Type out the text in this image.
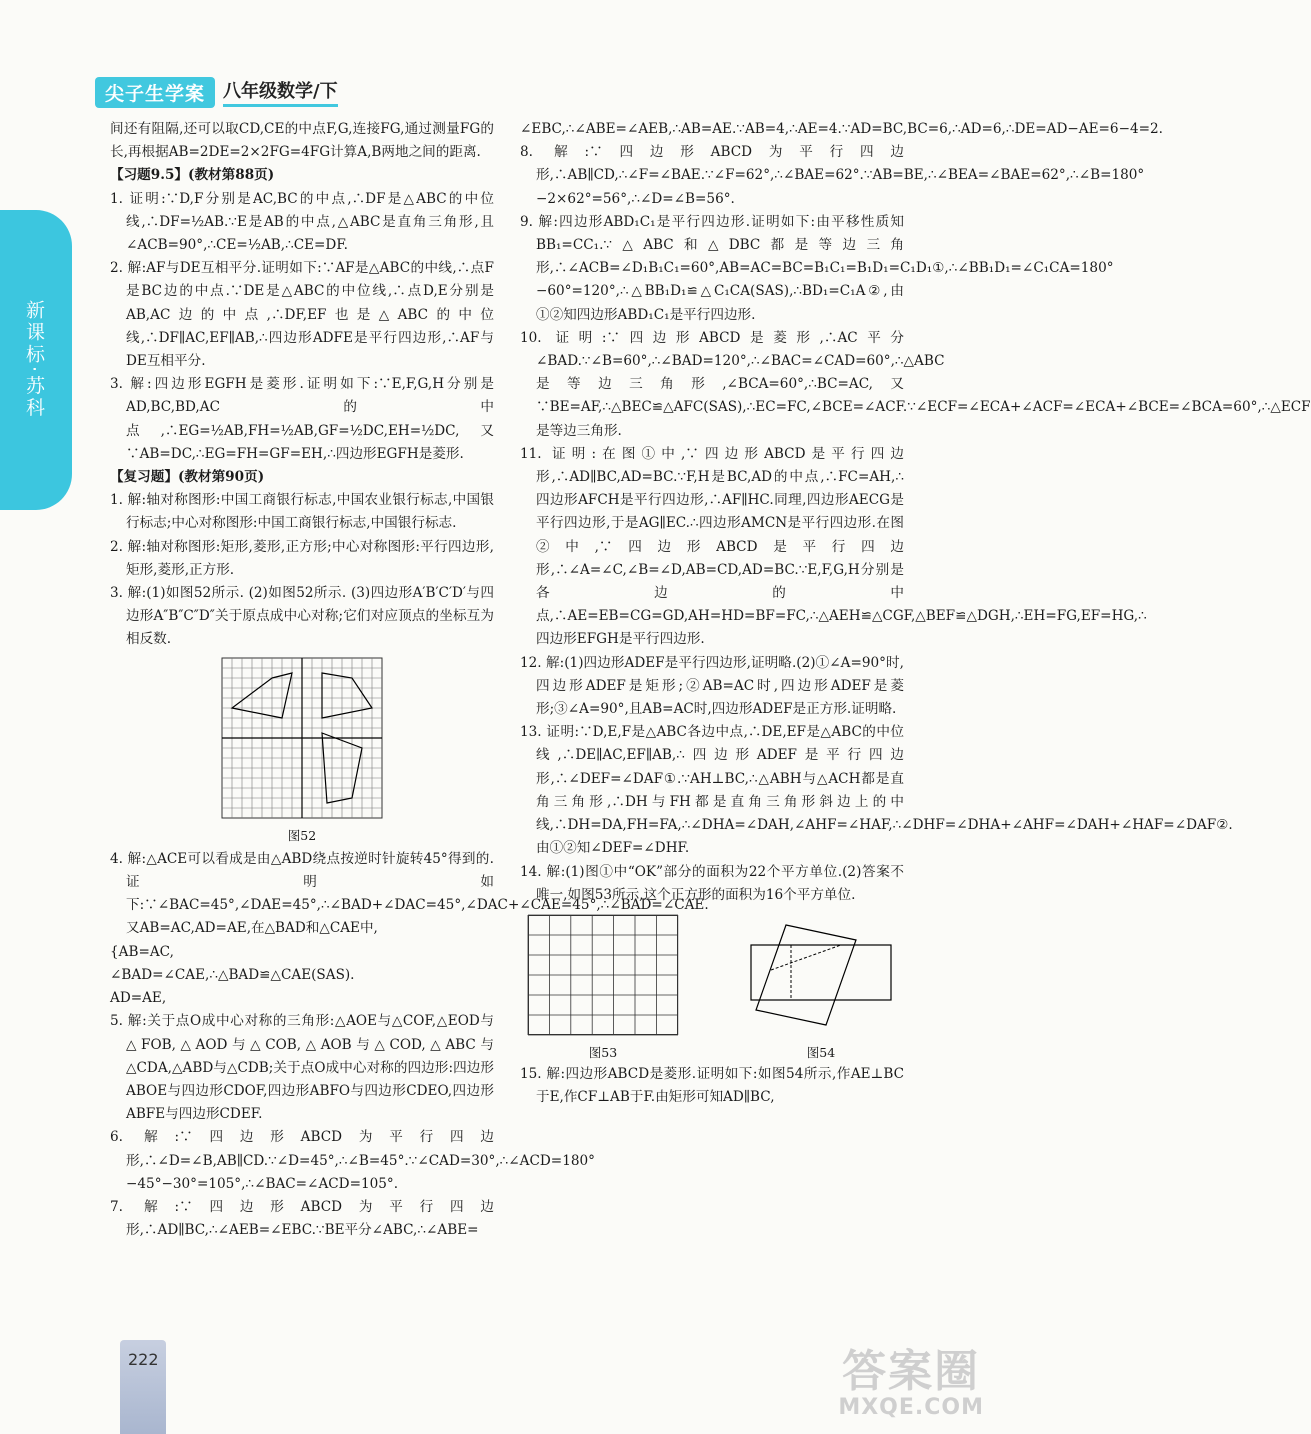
新课标·苏科
尖子生学案	八年级数学/下

间还有阻隔,还可以取CD,CE的中点F,G,连接FG,通过测量FG的长,再根据AB=2DE=2×2FG=4FG计算A,B两地之间的距离.

【习题9.5】(教材第88页)

1. 证明:∵D,F分别是AC,BC的中点,∴DF是△ABC的中位线,∴DF=½AB.∵E是AB的中点,△ABC是直角三角形,且∠ACB=90°,∴CE=½AB,∴CE=DF.

2. 解:AF与DE互相平分.证明如下:∵AF是△ABC的中线,∴点F是BC边的中点.∵DE是△ABC的中位线,∴点D,E分别是AB,AC边的中点,∴DF,EF也是△ABC的中位线,∴DF∥AC,EF∥AB,∴四边形ADFE是平行四边形,∴AF与DE互相平分.

3. 解:四边形EGFH是菱形.证明如下:∵E,F,G,H分别是AD,BC,BD,AC的中点,∴EG=½AB,FH=½AB,GF=½DC,EH=½DC,又∵AB=DC,∴EG=FH=GF=EH,∴四边形EGFH是菱形.

【复习题】(教材第90页)

1. 解:轴对称图形:中国工商银行标志,中国农业银行标志,中国银行标志;中心对称图形:中国工商银行标志,中国银行标志.

2. 解:轴对称图形:矩形,菱形,正方形;中心对称图形:平行四边形,矩形,菱形,正方形.

3. 解:(1)如图52所示. (2)如图52所示. (3)四边形A′B′C′D′与四边形A″B″C″D″关于原点成中心对称;它们对应顶点的坐标互为相反数.

图52

4. 解:△ACE可以看成是由△ABD绕点按逆时针旋转45°得到的.证明如下:∵∠BAC=45°,∠DAE=45°,∴∠BAD+∠DAC=45°,∠DAC+∠CAE=45°,∴∠BAD=∠CAE.又AB=AC,AD=AE,在△BAD和△CAE中,

{AB=AC,

∠BAD=∠CAE,∴△BAD≌△CAE(SAS).

AD=AE,

5. 解:关于点O成中心对称的三角形:△AOE与△COF,△EOD与△FOB,△AOD与△COB,△AOB与△COD,△ABC与△CDA,△ABD与△CDB;关于点O成中心对称的四边形:四边形ABOE与四边形CDOF,四边形ABFO与四边形CDEO,四边形ABFE与四边形CDEF.

6. 解:∵四边形ABCD为平行四边形,∴∠D=∠B,AB∥CD.∵∠D=45°,∴∠B=45°.∵∠CAD=30°,∴∠ACD=180°−45°−30°=105°,∴∠BAC=∠ACD=105°.

7. 解:∵四边形ABCD为平行四边形,∴AD∥BC,∴∠AEB=∠EBC.∵BE平分∠ABC,∴∠ABE=

∠EBC,∴∠ABE=∠AEB,∴AB=AE.∵AB=4,∴AE=4.∵AD=BC,BC=6,∴AD=6,∴DE=AD−AE=6−4=2.

8. 解:∵四边形ABCD为平行四边形,∴AB∥CD,∴∠F=∠BAE.∵∠F=62°,∴∠BAE=62°.∵AB=BE,∴∠BEA=∠BAE=62°,∴∠B=180°−2×62°=56°,∴∠D=∠B=56°.

9. 解:四边形ABD₁C₁是平行四边形.证明如下:由平移性质知BB₁=CC₁.∵△ABC和△DBC都是等边三角形,∴∠ACB=∠D₁B₁C₁=60°,AB=AC=BC=B₁C₁=B₁D₁=C₁D₁①,∴∠BB₁D₁=∠C₁CA=180°−60°=120°,∴△BB₁D₁≌△C₁CA(SAS),∴BD₁=C₁A②,由①②知四边形ABD₁C₁是平行四边形.

10. 证明:∵四边形ABCD是菱形,∴AC平分∠BAD.∵∠B=60°,∴∠BAD=120°,∴∠BAC=∠CAD=60°,∴△ABC是等边三角形,∠BCA=60°,∴BC=AC,又∵BE=AF,∴△BEC≌△AFC(SAS),∴EC=FC,∠BCE=∠ACF.∵∠ECF=∠ECA+∠ACF=∠ECA+∠BCE=∠BCA=60°,∴△ECF是等边三角形.

11. 证明:在图①中,∵四边形ABCD是平行四边形,∴AD∥BC,AD=BC.∵F,H是BC,AD的中点,∴FC=AH,∴四边形AFCH是平行四边形,∴AF∥HC.同理,四边形AECG是平行四边形,于是AG∥EC.∴四边形AMCN是平行四边形.在图②中,∵四边形ABCD是平行四边形,∴∠A=∠C,∠B=∠D,AB=CD,AD=BC.∵E,F,G,H分别是各边的中点,∴AE=EB=CG=GD,AH=HD=BF=FC,∴△AEH≌△CGF,△BEF≌△DGH,∴EH=FG,EF=HG,∴四边形EFGH是平行四边形.

12. 解:(1)四边形ADEF是平行四边形,证明略.(2)①∠A=90°时,四边形ADEF是矩形;②AB=AC时,四边形ADEF是菱形;③∠A=90°,且AB=AC时,四边形ADEF是正方形.证明略.

13. 证明:∵D,E,F是△ABC各边中点,∴DE,EF是△ABC的中位线,∴DE∥AC,EF∥AB,∴四边形ADEF是平行四边形,∴∠DEF=∠DAF①.∵AH⊥BC,∴△ABH与△ACH都是直角三角形,∴DH与FH都是直角三角形斜边上的中线,∴DH=DA,FH=FA,∴∠DHA=∠DAH,∠AHF=∠HAF,∴∠DHF=∠DHA+∠AHF=∠DAH+∠HAF=∠DAF②.由①②知∠DEF=∠DHF.

14. 解:(1)图①中“OK”部分的面积为22个平方单位.(2)答案不唯一,如图53所示,这个正方形的面积为16个平方单位.

图53	图54

15. 解:四边形ABCD是菱形.证明如下:如图54所示,作AE⊥BC于E,作CF⊥AB于F.由矩形可知AD∥BC,

222	答案圈
MXQE.COM
